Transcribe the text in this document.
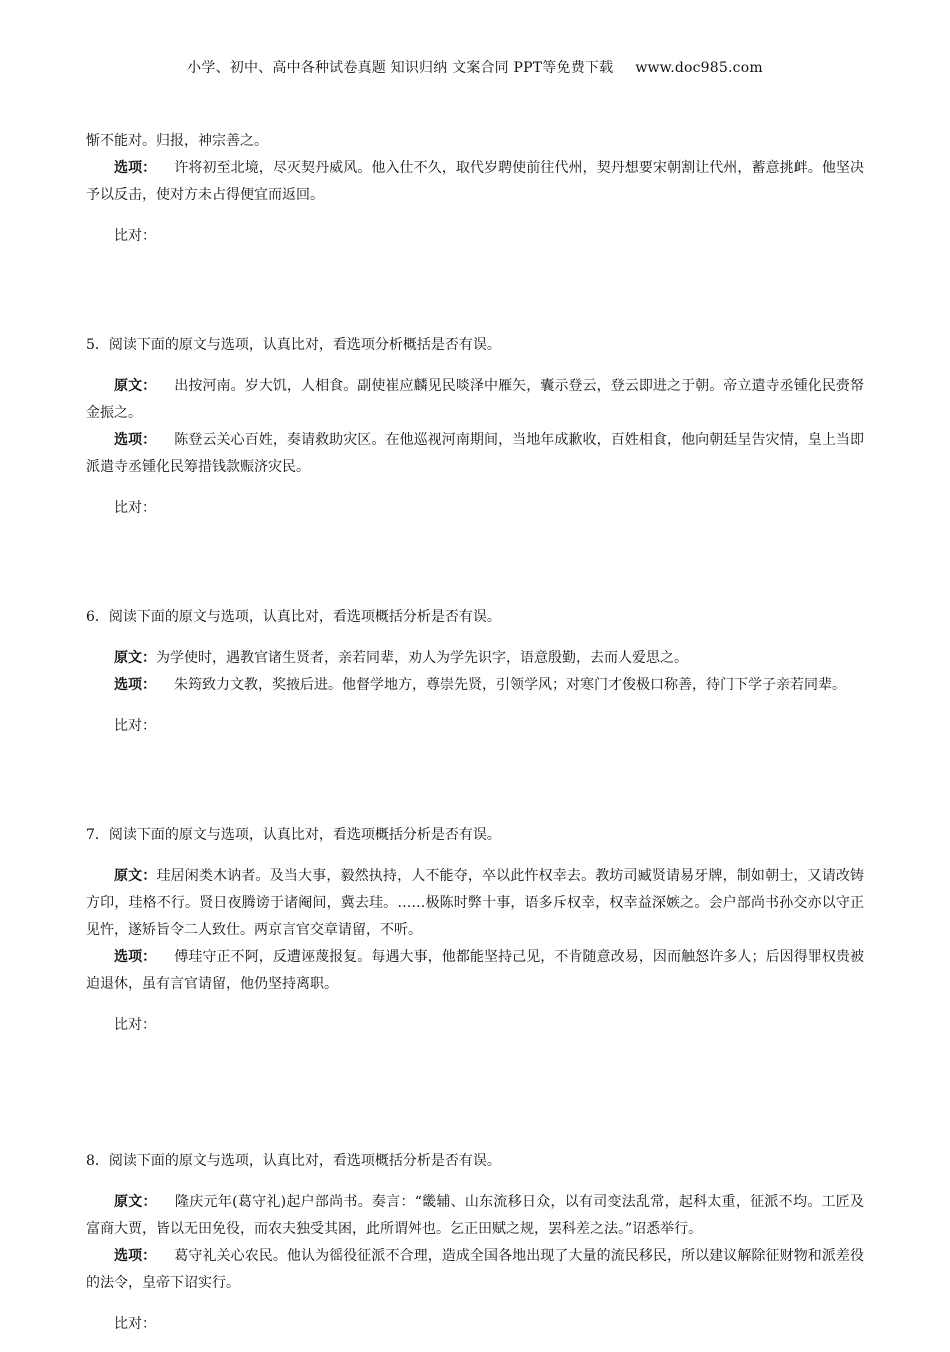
小学、初中、高中各种试卷真题 知识归纳 文案合同 PPT等免费下载 www.doc985.com

惭不能对。归报，神宗善之。

选项： 许将初至北境，尽灭契丹威风。他入仕不久，取代岁聘使前往代州，契丹想要宋朝割让代州，蓄意挑衅。他坚决予以反击，使对方未占得便宜而返回。

比对：

5．阅读下面的原文与选项，认真比对，看选项分析概括是否有误。

原文： 出按河南。岁大饥，人相食。副使崔应麟见民啖泽中雁矢，囊示登云，登云即进之于朝。帝立遣寺丞锺化民赍帑金振之。

选项： 陈登云关心百姓，奏请救助灾区。在他巡视河南期间，当地年成歉收，百姓相食，他向朝廷呈告灾情，皇上当即派遣寺丞锺化民筹措钱款赈济灾民。

比对：

6．阅读下面的原文与选项，认真比对，看选项概括分析是否有误。

原文：为学使时，遇教官诸生贤者，亲若同辈，劝人为学先识字，语意殷勤，去而人爱思之。

选项： 朱筠致力文教，奖掖后进。他督学地方，尊崇先贤，引领学风；对寒门才俊极口称善，待门下学子亲若同辈。

比对：

7．阅读下面的原文与选项，认真比对，看选项概括分析是否有误。

原文：珪居闲类木讷者。及当大事，毅然执持，人不能夺，卒以此忤权幸去。教坊司臧贤请易牙牌，制如朝士，又请改铸方印，珪格不行。贤日夜腾谤于诸阉间，冀去珪。……极陈时弊十事，语多斥权幸，权幸益深嫉之。会户部尚书孙交亦以守正见忤，遂矫旨令二人致仕。两京言官交章请留，不听。

选项： 傅珪守正不阿，反遭诬蔑报复。每遇大事，他都能坚持己见，不肯随意改易，因而触怒许多人；后因得罪权贵被迫退休，虽有言官请留，他仍坚持离职。

比对：

8．阅读下面的原文与选项，认真比对，看选项概括分析是否有误。

原文： 隆庆元年(葛守礼)起户部尚书。奏言：“畿辅、山东流移日众，以有司变法乱常，起科太重，征派不均。工匠及富商大贾，皆以无田免役，而农夫独受其困，此所谓舛也。乞正田赋之规，罢科差之法。”诏悉举行。

选项： 葛守礼关心农民。他认为徭役征派不合理，造成全国各地出现了大量的流民移民，所以建议解除征财物和派差役的法令，皇帝下诏实行。

比对：
